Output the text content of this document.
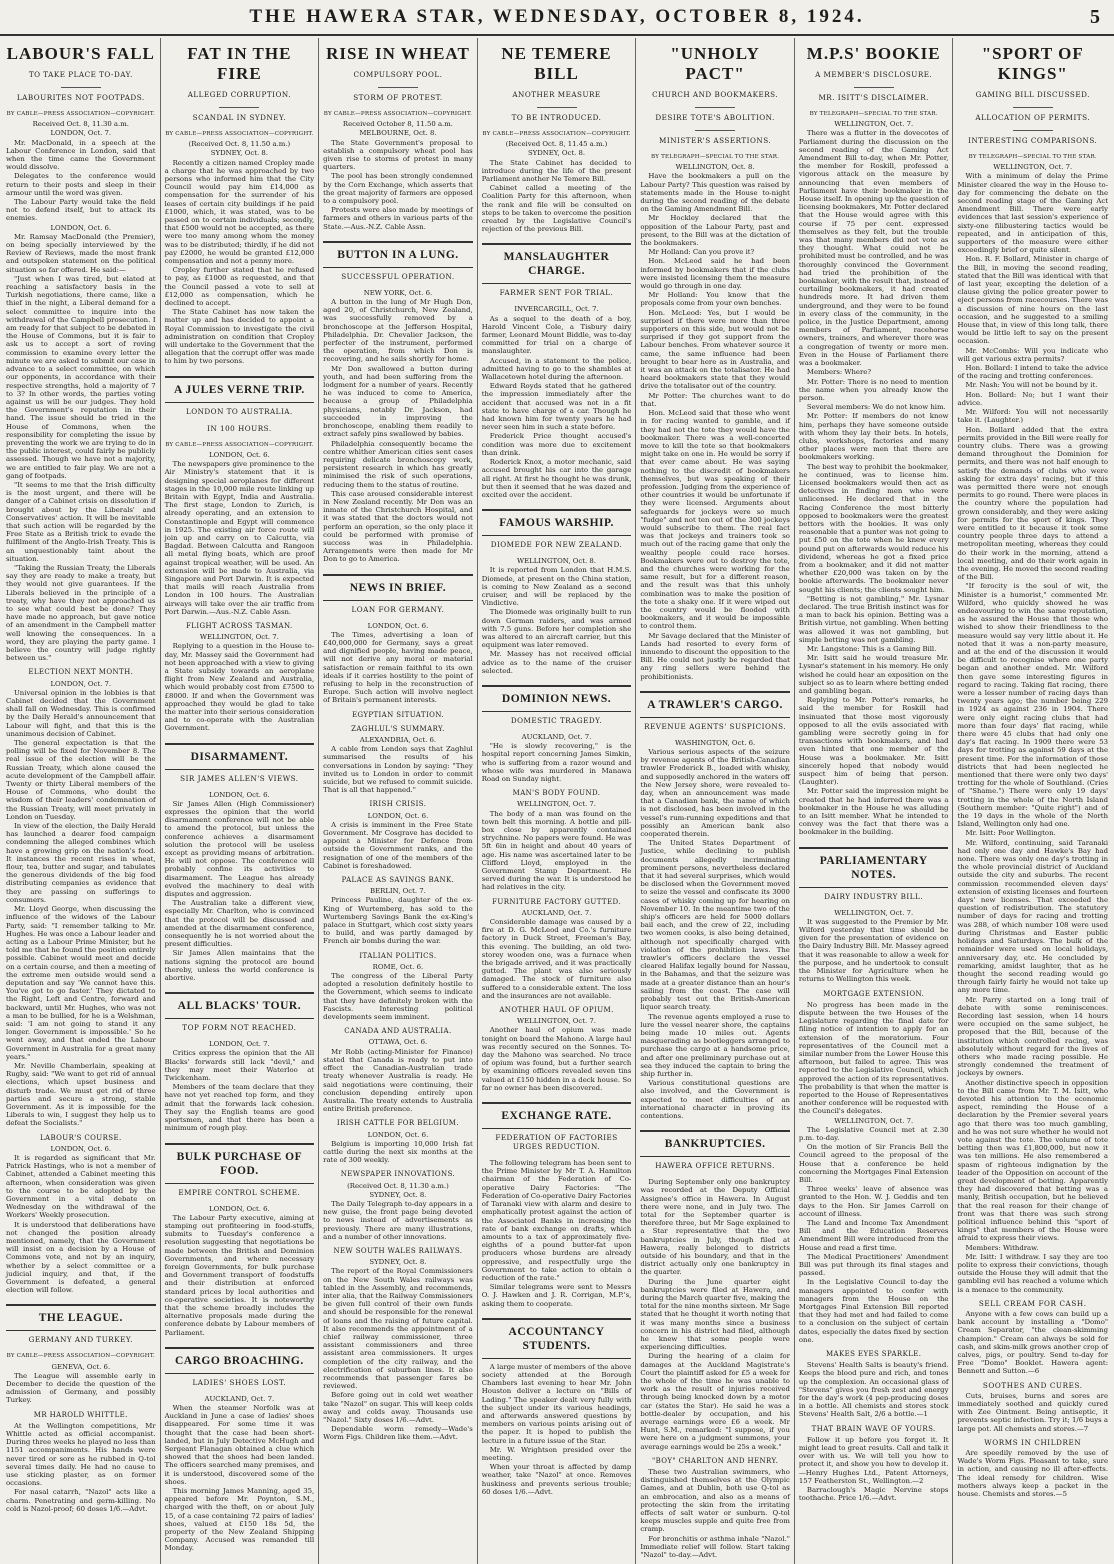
THE HAWERA STAR, WEDNESDAY, OCTOBER 8, 1924.	5
LABOUR'S FALL
TO TAKE PLACE TO-DAY.
LABOURITES NOT FOOTPADS.
BY CABLE—PRESS ASSOCIATION—COPYRIGHT.
Received Oct. 8, 11.30 a.m.
LONDON, Oct. 7.

Mr. MacDonald, in a speech at the Labour Conference in London, said that when the time came the Government would dissolve.

Delegates to the conference would return to their posts and sleep in their armour until the word was given.

The Labour Party would take the field not to defend itself, but to attack its enemies.

LONDON, Oct. 6.

Mr. Ramsay MacDonald (the Premier), on being specially interviewed by the Review of Reviews, made the most frank and outspoken statement on the political situation so far offered. He said:—

"Just when I was tired, but elated at reaching a satisfactory basis in the Turkish negotiations, there came, like a thief in the night, a Liberal demand for a select committee to inquire into the withdrawal of the Campbell prosecution. I am ready for that subject to be debated in the House of Commons, but it is fair to ask us to accept a sort of roving commission to examine every letter the minute we are asked to submit our case in advance to a select committee, on which our opponents, in accordance with their respective strengths, hold a majority of 7 to 3? In other words, the parties voting against us will be our judges. They hold the Government's reputation in their hand. The issue should be tried in the House of Commons, when the responsibility for completing the issue by preventing the work we are trying to do in the public interest, could fairly be publicly assessed. Though we have not a majority, we are entitled to fair play. We are not a gang of footpads.

"It seems to me that the Irish difficulty is the most urgent, and there will be danger of a Cabinet crisis on dissolution if brought about by the Liberals' and Conservatives' action. It will be inevitable that such action will be regarded by the Free State as a British trick to evade the fulfilment of the Anglo-Irish Treaty. This is an unquestionably taint about the situation.

"Taking the Russian Treaty, the Liberals say they are ready to make a treaty, but they would not give guarantees. If the Liberals believed in the principle of a treaty, why have they not approached us to see what could best be done? They have made no approach, but gave notice of an amendment in the Campbell matter well knowing the consequences. In a word, they are playing the party game. I believe the country will judge rightly between us."

ELECTION NEXT MONTH.
LONDON, Oct. 7.

Universal opinion in the lobbies is that Cabinet decided that the Government shall fall on Wednesday. This is confirmed by the Daily Herald's announcement that Labour will fight, and that this is the unanimous decision of Cabinet.

The general expectation is that the polling will be fixed for November 8. The real issue of the election will be the Russian Treaty, which alone caused the acute development of the Campbell affair. Twenty or thirty Liberal members of the House of Commons, who doubt the wisdom of their leaders' condemnation of the Russian Treaty, will meet privately in London on Tuesday.

In view of the election, the Daily Herald has launched a dearer food campaign condemning the alleged combines which have a growing grip on the nation's food. It instances the recent rises in wheat, flour, tea, butter and sugar, and tabulates the generous dividends of the big food distributing companies as evidence that they are passing on sufferings to consumers.

Mr. Lloyd George, when discussing the influence of the widows of the Labour Party, said: "I remember talking to Mr. Hughes. He was once a Labour leader and acting as a Labour Prime Minister, but he told me that he found the position entirely possible. Cabinet would meet and decide on a certain course, and then a meeting of the extreme men outside would send a deputation and say 'We cannot have this. You've got to go faster.' They dictated to the Right, Left and Centre, forward and backward, until Mr. Hughes, who was not a man to be bullied, for he is a Welshman, said: 'I am not going to stand it any longer. Government is impossible.' So he went away, and that ended the Labour Government in Australia for a great many years."

Mr. Neville Chamberlain, speaking at Rugby, said: "We want to get rid of annual elections, which upset business and disturb trade. We must get rid of three parties and secure a strong, stable Government. As it is impossible for the Liberals to win, I suggest they help us to defeat the Socialists."

LABOUR'S COURSE.
LONDON, Oct. 6.

It is regarded as significant that Mr. Patrick Hastings, who is not a member of Cabinet, attended a Cabinet meeting this afternoon, when consideration was given to the course to be adopted by the Government in a vital debate on Wednesday on the withdrawal of the Workers' Weekly prosecution.

It is understood that deliberations have not changed the position already mentioned, namely, that the Government will insist on a decision by a House of Commons vote, and not by an inquiry, whether by a select committee or a judicial inquiry, and that, if the Government is defeated, a general election will follow.

THE LEAGUE.
GERMANY AND TURKEY.
BY CABLE—PRESS ASSOCIATION—COPYRIGHT.
GENEVA, Oct. 6.

The League will assemble early in December to decide the question of the admission of Germany, and possibly Turkey.

MR HAROLD WHITTLE.

At the Wellington competitions, Mr Whittle acted as official accompanist. During three weeks he played no less than 1151 accompaniments. His hands were never tired or sore as he rubbed in Q-tol several times daily. He had no cause to use sticking plaster, as on former occasions.

For nasal catarrh, "Nazol" acts like a charm. Penetrating and germ-killing. No cold is Nazol-proof; 60 doses 1/6.—Advt.

FAT IN THE FIRE
ALLEGED CORRUPTION.
SCANDAL IN SYDNEY.
BY CABLE—PRESS ASSOCIATION—COPYRIGHT.
(Received Oct. 8, 11.50 a.m.)
SYDNEY, Oct. 8.

Recently a citizen named Cropley made a charge that he was approached by two persons who informed him that the City Council would pay him £14,000 as compensation for the surrender of his leases of certain city buildings if he paid £1000, which, it was stated, was to be passed on to certain individuals; secondly, that £500 would not be accepted, as there were too many among whom the money was to be distributed; thirdly, if he did not pay £2000, he would be granted £12,000 compensation and not a penny more.

Cropley further stated that he refused to pay, as £1000 as requested, and that the Council passed a vote to sell at £12,000 as compensation, which he declined to accept.

The State Cabinet has now taken the matter up and has decided to appoint a Royal Commission to investigate the civil administration on condition that Cropley will undertake to the Government that the allegation that the corrupt offer was made to him by two persons.

A JULES VERNE TRIP.
LONDON TO AUSTRALIA.
IN 100 HOURS.
BY CABLE—PRESS ASSOCIATION—COPYRIGHT.
LONDON, Oct. 6.

The newspapers give prominence to the Air Ministry's statement that it is designing special aeroplanes for different stages in the 10,000 mile route linking up Britain with Egypt, India and Australia. The first stage, London to Zurich, is already operating, and an extension to Constantinople and Egypt will commence in 1925. The existing air force route will join up and carry on to Calcutta, via Bagdad. Between Calcutta and Rangoon all metal flying boats, which are proof against tropical weather, will be used. An extension will be made to Australia, via Singapore and Port Darwin. It is expected that mails will reach Australia from London in 100 hours. The Australian airways will take over the air traffic from Port Darwin.—Aus.-N.Z. Cable Assn.

FLIGHT ACROSS TASMAN.
WELLINGTON, Oct. 7.

Replying to a question in the House to-day, Mr. Massey said the Government had not been approached with a view to giving a State subsidy towards an aeroplane flight from New Zealand and Australia, which would probably cost from £7500 to £8000. If and when the Government was approached they would be glad to take the matter into their serious consideration and to co-operate with the Australian Government.

DISARMAMENT.
SIR JAMES ALLEN'S VIEWS.
LONDON, Oct. 6.

Sir James Allen (High Commissioner) expresses the opinion that the world disarmament conference will not be able to amend the protocol, but unless the conference achieves a disarmament solution the protocol will be useless except as providing means of arbitration. He will not oppose. The conference will probably confine its activities to disarmament. The League has already evolved the machinery to deal with disputes and aggression.

The Australian take a different view, especially Mr. Charlton, who is convinced that the protocol will be discussed and amended at the disarmament conference, consequently he is not worried about the present difficulties.

Sir James Allen maintains that the nations signing the protocol are bound thereby, unless the world conference is abortive.

ALL BLACKS' TOUR.
TOP FORM NOT REACHED.
LONDON, Oct. 7.

Critics express the opinion that the All Blacks' forwards still lack "devil," and they may meet their Waterloo at Twickenham.

Members of the team declare that they have not yet reached top form, and they admit that the forwards lack cohesion. They say the English teams are good sportsmen, and that there has been a minimum of rough play.

BULK PURCHASE OF FOOD.
EMPIRE CONTROL SCHEME.
LONDON, Oct. 6.

The Labour Party executive, aiming at stamping out profiteering in food-stuffs, submits to Tuesday's conference a resolution suggesting that negotiations be made between the British and Dominion Governments, and where necessary foreign Governments, for bulk purchase and Government transport of foodstuffs and their distribution at enforced standard prices by local authorities and co-operative societies. It is noteworthy that the scheme broadly includes the alternative proposals made during the conference debate by Labour members of Parliament.

CARGO BROACHING.
LADIES' SHOES LOST.
AUCKLAND, Oct. 7.

When the steamer Norfolk was at Auckland in June a case of ladies' shoes disappeared. For some time it was thought that the case had been short-landed, but in July Detective McHugh and Sergeant Flanagan obtained a clue which showed that the shoes had been landed. The officers searched many premises, and it is understood, discovered some of the shoes.

This morning James Manning, aged 35, appeared before Mr. Poynton, S.M., charged with the theft, on or about July 15, of a case containing 72 pairs of ladies' shoes, valued at £150 18s 5d, the property of the New Zealand Shipping Company. Accused was remanded till Monday.

RISE IN WHEAT
COMPULSORY POOL.
STORM OF PROTEST.
BY CABLE—PRESS ASSOCIATION—COPYRIGHT.
Received October 8, 11.50 a.m.
MELBOURNE, Oct. 8.

The State Government's proposal to establish a compulsory wheat pool has given rise to storms of protest in many quarters.

The pool has been strongly condemned by the Corn Exchange, which asserts that the great majority of farmers are opposed to a compulsory pool.

Protests were also made by meetings of farmers and others in various parts of the State.—Aus.-N.Z. Cable Assn.

BUTTON IN A LUNG.
SUCCESSFUL OPERATION.
NEW YORK, Oct. 6.

A button in the lung of Mr Hugh Don, aged 20, of Christchurch, New Zealand, was successfully removed by a bronchoscope at the Jefferson Hospital, Philadelphia. Dr. Chevalier Jackson, the perfecter of the instrument, performed the operation, from which Don is recovering, and he sails shortly for home.

Mr Don swallowed a button during youth, and had been suffering from the lodgment for a number of years. Recently he was induced to come to America, because a group of Philadelphia physicians, notably Dr. Jackson, had succeeded in improving the bronchoscope, enabling them readily to extract safely pins swallowed by babies.

Philadelphia consequently became the centre whither American cities sent cases requiring delicate bronchoscopy work, persistent research in which has greatly minimised the risk of such operations, reducing them to the status of routine.

This case aroused considerable interest in New Zealand recently. Mr Don was an inmate of the Christchurch Hospital, and it was stated that the doctors would not perform an operation, so the only place it could be performed with promise of success was in Philadelphia. Arrangements were then made for Mr Don to go to America.

NEWS IN BRIEF.
LOAN FOR GERMANY.
LONDON, Oct. 6.

The Times, advertising a loan of £40,000,000 for Germany, says a great and dignified people, having made peace, will not derive any moral or material satisfaction or remain faithful to its own ideals if it carries hostility to the point of refusing to help in the reconstruction of Europe. Such action will involve neglect of Britain's permanent interests.

EGYPTIAN SITUATION.
ZAGHLUL'S SUMMARY.
ALEXANDRIA, Oct. 6.

A cable from London says that Zaghlul summarised the results of his conversations in London by saying: "They invited us to London in order to commit suicide, but we refused to commit suicide. That is all that happened."

IRISH CRISIS.
LONDON, Oct. 6.

A crisis is imminent in the Free State Government. Mr Cosgrave has decided to appoint a Minister for Defence from outside the Government ranks, and the resignation of one of the members of the Cabinet is foreshadowed.

PALACE AS SAVINGS BANK.
BERLIN, Oct. 7.

Princess Pauline, daughter of the ex-King of Wurtemberg, has sold to the Wurtemberg Savings Bank the ex-King's palace in Stuttgart, which cost sixty years to build, and was partly damaged by French air bombs during the war.

ITALIAN POLITICS.
ROME, Oct. 6.

The congress of the Liberal Party adopted a resolution definitely hostile to the Government, which seems to indicate that they have definitely broken with the Fascists. Interesting political developments seem imminent.

CANADA AND AUSTRALIA.
OTTAWA, Oct. 6.

Mr Robb (acting-Minister for Finance) stated that Canada is ready to put into effect the Canadian-Australian trade treaty whenever Australia is ready. He said negotiations were continuing, their conclusion depending entirely upon Australia. The treaty extends to Australia entire British preference.

IRISH CATTLE FOR BELGIUM.
LONDON, Oct. 6.

Belgium is importing 10,000 Irish fat cattle during the next six months at the rate of 300 weekly.

NEWSPAPER INNOVATIONS.
(Received Oct. 8, 11.30 a.m.)
SYDNEY, Oct. 8.

The Daily Telegraph to-day appears in a new guise, the front page being devoted to news instead of advertisements as previously. There are many illustrations, and a number of other innovations.

NEW SOUTH WALES RAILWAYS.
SYDNEY, Oct. 8.

The report of the Royal Commissioners on the New South Wales railways was tabled in the Assembly, and recommends, inter alia, that the Railway Commissioners be given full control of their own funds and should be responsible for the renewal of loans and the raising of future capital. It also recommends the appointment of a chief railway commissioner, three assistant commissioners and three assistant area commissioners. It urges completion of the city railway, and the electrification of suburban lines. It also recommends that passenger fares be reviewed.

Before going out in cold wet weather take "Nazol" on sugar. This will keep colds away and colds away. Thousands use "Nazol." Sixty doses 1/6.—Advt.

Dependable worm remedy—Wade's Worm Figs. Children like them.—Advt.

NE TEMERE BILL
ANOTHER MEASURE
TO BE INTRODUCED.
BY CABLE—PRESS ASSOCIATION—COPYRIGHT.
(Received Oct. 8, 11.45 a.m.)
SYDNEY, Oct. 8.

The State Cabinet has decided to introduce during the life of the present Parliament another Ne Temere Bill.

Cabinet called a meeting of the Coalition Party for this afternoon, when the rank and file will be consulted on steps to be taken to overcome the position created by the Legislative Council's rejection of the previous Bill.

MANSLAUGHTER CHARGE.
FARMER SENT FOR TRIAL.
INVERCARGILL, Oct. 7.

As a sequel to the death of a boy, Harold Vincent Cole, a Tisbury dairy farmer, Leonard Mount Biddle, was to-day committed for trial on a charge of manslaughter.

Accused, in a statement to the police, admitted having to go to the shambles at Wallacetown hotel during the afternoon.

Edward Royds stated that he gathered the impression immediately after the accident that accused was not in a fit state to have charge of a car. Though he had known him for twenty years he had never seen him in such a state before.

Frederick Price thought accused's condition was more due to excitement than drink.

Roderick Knox, a motor mechanic, said accused brought his car into the garage all right. At first he thought he was drunk, but then it seemed that he was dazed and excited over the accident.

FAMOUS WARSHIP.
DIOMEDE FOR NEW ZEALAND.
WELLINGTON, Oct. 8.

It is reported from London that H.M.S. Diomede, at present on the China station, is coming to New Zealand as a second cruiser, and will be replaced by the Vindictive.

The Diomede was originally built to run down German raiders, and was armed with 7.5 guns. Before her completion she was altered to an aircraft carrier, but this equipment was later removed.

Mr. Massey has not received official advice as to the name of the cruiser selected.

DOMINION NEWS.
DOMESTIC TRAGEDY.
AUCKLAND, Oct. 7.

"He is slowly recovering," is the hospital report concerning James Simkin, who is suffering from a razor wound and whose wife was murdered in Manawa Road on Sunday night.

MAN'S BODY FOUND.
WELLINGTON, Oct. 7.

The body of a man was found on the town belt this morning. A bottle and pill-box close by apparently contained strychnine. No papers were found. He was 5ft 6in in height and about 40 years of age. His name was ascertained later to be Clifford Lloyd, employed in the Government Stamp Department. He served during the war. It is understood he had relatives in the city.

FURNITURE FACTORY GUTTED.
AUCKLAND, Oct. 7.

Considerable damage was caused by a fire at D. G. McLeod and Co.'s furniture factory in Duck Street, Freeman's Bay, this evening. The building, an old two-storey wooden one, was a furnace when the brigade arrived, and it was practically gutted. The plant was also seriously damaged. The stock of furniture also suffered to a considerable extent. The loss and the insurances are not available.

ANOTHER HAUL OF OPIUM.
WELLINGTON, Oct. 7.

Another haul of opium was made tonight on board the Mahono. A large haul was recently secured on the Sonnes. To-day the Mahono was searched. No trace of opium was found, but a further search by examining officers revealed seven tins valued at £150 hidden in a deck house. So far no owner has been discovered.

EXCHANGE RATE.
FEDERATION OF FACTORIES URGES REDUCTION.

The following telegram has been sent to the Prime Minister by Mr T. A. Hamilton chairman of the Federation of Co-operative Dairy Factories: "The Federation of Co-operative Dairy Factories of Taranaki view with alarm and desire to emphatically protest against the action of the Associated Banks in increasing the rate of bank exchange on drafts, which amounts to a tax of approximately five-eighths of a pound butter-fat upon producers whose burdens are already oppressive, and respectfully urge the Government to take action to obtain a reduction of the rate."

Similar telegrams were sent to Messrs O. J. Hawken and J. R. Corrigan, M.P.'s, asking them to cooperate.

ACCOUNTANCY STUDENTS.

A large muster of members of the above society attended at the Borough Chambers last evening to hear Mr. John Houston deliver a lecture on "Bills of Lading." The speaker dealt very fully with the subject under its various headings, and afterwards answered questions by members on various points arising out of the paper. It is hoped to publish the lecture in a future issue of the Star.

Mr. W. Wrightson presided over the meeting.

When your throat is affected by damp weather, take "Nazol" at once. Removes huskiness and prevents serious trouble; 60 doses 1/6.—Advt.

"UNHOLY PACT"
CHURCH AND BOOKMAKERS.
DESIRE TOTE'S ABOLITION.
MINISTER'S ASSERTIONS.
BY TELEGRAPH—SPECIAL TO THE STAR.
WELLINGTON, Oct. 8.

Have the bookmakers a pull on the Labour Party? This question was raised by statements made in the House to-night during the second reading of the debate on the Gaming Amendment Bill.

Mr Hockley declared that the opposition of the Labour Party, past and present, to the Bill was at the dictation of the bookmakers.

Mr Holland: Can you prove it?

Hon. McLeod said he had been informed by bookmakers that if the clubs were insisted licensing them the measure would go through in one day.

Mr Holland: You know that the proposals come from your own benches.

Hon. McLeod: Yes, but I would be surprised if there were more than three supporters on this side, but would not be surprised if they got support from the Labour benches. From whatever source it came, the same influence had been brought to bear here as in Australia, and it was an attack on the totalisator. He had heard bookmakers state that they would drive the totalisator out of the country.

Mr Potter: The churches want to do that.

Hon. McLeod said that those who went in for racing wanted to gamble, and if they had not the tote they would have the bookmaker. There was a well-concerted move to kill the tote so that bookmakers might take on one in. He would be sorry if that ever came about. He was saying nothing to the discredit of bookmakers themselves, but was speaking of their profession. Judging from the experience of other countries it would be unfortunate if they were licensed. Arguments about safeguards for jockeys were so much "fudge" and not ten out of the 300 jockeys would subscribe to them. The real fact was that jockeys and trainers took so much out of the racing game that only the wealthy people could race horses. Bookmakers were out to destroy the tote, and the churches were working for the same result, but for a different reason, and the result was that this unholy combination was to make the position of the tote a shaky one. If it were wiped out the country would be flooded with bookmakers, and it would be impossible to control them.

Mr Savage declared that the Minister of Lands had resorted to every form of innuendo to discount the opposition to the Bill. He could not justly be regarded that any ring sellers were behind the prohibitionists.

A TRAWLER'S CARGO.
REVENUE AGENTS' SUSPICIONS.
WASHINGTON, Oct. 6.

Various serious aspects of the seizure by revenue agents of the British-Canadian trawler Frederick B., loaded with whisky, and supposedly anchored in the waters off the New Jersey shore, were revealed to-day, when an announcement was made that a Canadian bank, the name of which is not disclosed, has been involved in the vessel's rum-running expeditions and that possibly an American bank also cooperated therein.

The United States Department of Justice, while declining to publish documents allegedly incriminating prominent persons, nevertheless declared that it had several surprises, which would be disclosed when the Government moved to seize the vessel and confiscate its 3000 cases of whisky coming up for hearing on November 10. In the meantime two of the ship's officers are held for 5000 dollars bail each, and the crew of 22, including two women cooks, is also being detained, although not specifically charged with violation of the prohibition laws. The trawler's officers declare the vessel cleared Halifax legally bound for Nassau, in the Bahamas, and that the seizure was made at a greater distance than an hour's sailing from the coast. The case will probably test out the British-American liquor search treaty.

The revenue agents employed a ruse to lure the vessel nearer shore, the captains being made 10 miles out. Agents masquerading as bootleggers arranged to purchase the cargo at a handsome price, and after one preliminary purchase out at sea they induced the captain to bring the ship further in.

Various constitutional questions are also involved, and the Government is expected to meet difficulties of an international character in proving its contentions.

BANKRUPTCIES.
HAWERA OFFICE RETURNS.

During September only one bankruptcy was recorded at the Deputy Official Assignee's office in Hawera. In August there were none, and in July two. The total for the September quarter is therefore three, but Mr Sage explained to a Star representative that the two bankruptcies in July, though filed at Hawera, really belonged to districts outside of his boundary, and that in the district actually only one bankruptcy in the quarter.

During the June quarter eight bankruptcies were filed at Hawera, and during the March quarter five, making the total for the nine months sixteen. Mr Sage stated that he thought it worth noting that it was many months since a business concern in his district had filed, although he knew that some people were experiencing difficulties.

During the hearing of a claim for damages at the Auckland Magistrate's Court the plaintiff asked for £5 a week for the whole of the time he was unable to work as the result of injuries received through being knocked down by a motor car (states the Star). He said he was a bottle-dealer by occupation, and his average earnings were £6 a week. Mr Hunt, S.M., remarked: "I suppose, if you were here on a judgment summons, your average earnings would be 25s a week."

"BOY" CHARLTON AND HENRY.

These two Australian swimmers, who distinguished themselves at the Olympic Games, and at Dublin, both use Q-tol as an embrocation, and also as a means of protecting the skin from the irritating effects of salt water or sunburn. Q-tol keeps muscles supple and quite free from cramp.

For bronchitis or asthma inhale "Nazol." Immediate relief will follow. Start taking "Nazol" to-day.—Advt.

M.P.S' BOOKIE
A MEMBER'S DISCLOSURE.
MR. ISITT'S DISCLAIMER.
BY TELEGRAPH—SPECIAL TO THE STAR.
WELLINGTON, Oct. 7.

There was a flutter in the dovecotes of Parliament during the discussion on the second reading of the Gaming Act Amendment Bill to-day, when Mr. Potter, the member for Roskill, professed a vigorous attack on the measure by announcing that even members of Parliament have their bookmaker in the House itself. In opening up the question of licensing bookmakers, Mr. Potter declared that the House would agree with this course if 75 per cent. expressed themselves as they felt, but the trouble was that many members did not vote as they thought. What could not be prohibited must be controlled, and he was thoroughly convinced the Government had tried the prohibition of the bookmaker, with the result that, instead of curtailing bookmakers, it had created hundreds more. It had driven them underground, and they were to be found in every class of the community, in the police, in the Justice Department, among members of Parliament, racehorse owners, trainers, and wherever there was a congregation of twenty or more men. Even in the House of Parliament there was a bookmaker.

Members: Where?

Mr. Potter: There is no need to mention the name when you already know the person.

Several members: We do not know him.

Mr. Potter: If members do not know him, perhaps they have someone outside with whom they lay their bets. In hotels, clubs, workshops, factories and many other places were men that there are bookmakers working.

The best way to prohibit the bookmaker, he continued, was to license him. Licensed bookmakers would then act as detectives in finding men who were unlicensed. He declared that in the Racing Conference the most bitterly opposed to bookmakers were the greatest bettors with the bookies. It was only reasonable that a punter was not going to put £50 on the tote when he knew every pound put on afterwards would reduce his dividend, whereas he got a fixed price from a bookmaker, and it did not matter whether £20,000 was taken on by the bookie afterwards. The bookmaker never sought his clients; the clients sought him.

"Betting is not gambling," Mr. Lysnar declared. The true British instinct was for a man to back his opinion. Betting was a British virtue, not gambling. When betting was allowed it was not gambling, but simple betting was not gambling.

Mr. Langstone: This is a Gaming Bill.

Mr. Isitt said he would treasure Mr. Lysnar's statement in his memory. He only wished he could hear an exposition on the subject so as to learn where betting ended and gambling began.

Replying to Mr. Potter's remarks, he said the member for Roskill had insinuated that those most vigorously opposed to all the evils associated with gambling were secretly going in for transactions with bookmakers, and had even hinted that one member of the House was a bookmaker. Mr. Isitt sincerely hoped that nobody would suspect him of being that person. (Laughter).

Mr. Potter said the impression might be created that he had inferred there was a bookmaker in the House he was alluding to an Isitt member. What he intended to convey was the fact that there was a bookmaker in the building.

PARLIAMENTARY NOTES.
DAIRY INDUSTRY BILL.
WELLINGTON, Oct. 7.

It was suggested to the Premier by Mr. Wilford yesterday that time should be given for the presentation of evidence on the Dairy Industry Bill. Mr. Massey agreed that it was reasonable to allow a week for the purpose, and he undertook to consult the Minister for Agriculture when he returns to Wellington this week.

MORTGAGE EXTENSION.

No progress has been made in the dispute between the two Houses of the Legislature regarding the final date for filing notice of intention to apply for an extension of the moratorium. Four representatives of the Council met a similar number from the Lower House this afternoon, but failed to agree. This was reported to the Legislative Council, which approved the action of its representatives. The probability is that when the matter is reported to the House of Representatives another conference will be requested with the Council's delegates.

WELLINGTON, Oct. 7.

The Legislative Council met at 2.30 p.m. to-day.

On the motion of Sir Francis Bell the Council agreed to the proposal of the House that a conference be held concerning the Mortgages Final Extension Bill.

Three weeks' leave of absence was granted to the Hon. W. J. Geddis and ten days to the Hon. Sir James Carroll on account of illness.

The Land and Income Tax Amendment Bill and the Education Reserves Amendment Bill were introduced from the House and read a first time.

The Medical Practitioners' Amendment Bill was put through its final stages and passed.

In the Legislative Council to-day the managers appointed to confer with managers from the House on the Mortgages Final Extension Bill reported that they had met and had failed to come to a conclusion on the subject of certain dates, especially the dates fixed by section one.

MAKES EYES SPARKLE.

Stevens' Health Salts is beauty's friend. Keeps the blood pure and rich, and tones up the complexion. An occasional glass of "Stevens" gives you fresh zest and energy for the day's work (4 pep-producing doses in a bottle. All chemists and stores stock Stevens' Health Salt, 2/6 a bottle.—1

THAT BRAIN WAVE OF YOURS.

Follow it up before you forget it. It might lead to great results. Call and talk it over with us. We will tell you how to protect it, and show you how to develop it.—Henry Hughes Ltd., Patent Attorneys, 157 Featherston St., Wellington.—2

Barraclough's Magic Nervine stops toothache. Price 1/6.—Advt.

"SPORT OF KINGS"
GAMING BILL DISCUSSED.
ALLOCATION OF PERMITS.
INTERESTING COMPARISONS.
BY TELEGRAPH—SPECIAL TO THE STAR.
WELLINGTON, Oct. 7.

With a minimum of delay the Prime Minister cleared the way in the House to-day for commencing the debate on the second reading stage of the Gaming Act Amendment Bill. There were early evidences that last session's experience of sixty-one filibustering tactics would be repeated, and in anticipation of this, supporters of the measure were either exceedingly brief or quite silent.

Hon. R. F. Bollard, Minister in charge of the Bill, in moving the second reading, stated that the Bill was identical with that of last year, excepting the deletion of a clause giving the police greater power to eject persons from racecourses. There was a discussion of nine hours on the last occasion, and he suggested to a smiling House that, in view of this long talk, there would be little left to say on the present occasion.

Mr. McCombs: Will you indicate who will get various extra permits?

Hon. Bollard: I intend to take the advice of the racing and trotting conferences.

Mr. Nash: You will not be bound by it.

Hon. Bollard: No; but I want their advice.

Mr. Wilford: You will not necessarily take it. (Laughter.)

Hon. Bollard added that the extra permits provided in the Bill were really for country clubs. There was a growing demand throughout the Dominion for permits, and there was not half enough to satisfy the demands of clubs who were asking for extra days' racing, but if this was permitted there were not enough permits to go round. There were places in the country where the population had grown considerably, and they were asking for permits for the sport of kings. They were entitled to it because it took some country people three days to attend a metropolitan meeting, whereas they could do their work in the morning, attend a local meeting, and do their work again in the evening. He moved the second reading of the Bill.

"If ferocity is the soul of wit, the Minister is a humorist," commented Mr. Wilford, who quickly showed he was endeavouring to win the same reputation, as he assured the House that those who wished to show their friendliness to the measure would say very little about it. He noted that it was a non-party measure, and at the end of the discussion it would be difficult to recognise where one party began and another ended. Mr. Wilford then gave some interesting figures in regard to racing. Taking flat racing, there were a lesser number of racing days than twenty years ago; the number being 229 in 1924 as against 236 in 1904. There were only eight racing clubs that had more than four days' flat racing, while there were 45 clubs that had only one day's flat racing. In 1909 there were 53 days for trotting as against 59 days at the present time. For the information of those districts that had been neglected he mentioned that there were only two days' trotting for the whole of Southland. (Cries of "Shame.") There were only 19 days' trotting in the whole of the North Island (Southern member: "Quite right") and of the 19 days in the whole of the North Island, Wellington only had one.

Mr. Isitt: Poor Wellington.

Mr. Wilford, continuing, said Taranaki had only one day and Hawke's Bay had none. There was only one day's trotting in the whole provincial district of Auckland outside the city and suburbs. The recent commission recommended eleven days' extension of existing licenses and fourteen days' new licenses. That exceeded the question of redistribution. The statutory number of days for racing and trotting was 288, of which number 108 were used during Christmas and Easter public holidays and Saturdays. The bulk of the remainder were used on local holidays, anniversary day, etc. He concluded by remarking, amidst laughter, that as he thought the second reading would go through fairly fairly he would not take up any more time.

Mr. Parry started on a long trail of debate with some reminiscences. Recording last session, when 14 hours were occupied on the same subject, he proposed that the Bill, because of the institution which controlled racing, was absolutely without regard for the lives of others who made racing possible. He strongly condemned the treatment of jockeys by owners.

Another distinctive speech in opposition to the Bill came from Mr. T. M. Isitt, who devoted his attention to the economic aspect, reminding the House of a declaration by the Premier several years ago that there was too much gambling, and he was not sure whether he would not vote against the tote. The volume of tote betting then was £1,800,000, but now it was ten millions. He also remembered a spasm of righteous indignation by the leader of the Opposition on account of the great development of betting. Apparently they had discovered that betting was a manly, British occupation, but he believed that the real reason for their change of front was that there was such strong political influence behind this "sport of kings" that members of the House were afraid to express their views.

Members: Withdraw.

Mr. Isitt: I withdraw. I say they are too polite to express their convictions, though outside the House they will admit that the gambling evil has reached a volume which is a menace to the community.

SELL CREAM FOR CASH.

Anyone with a few cows can build up a bank account by installing a "Domo" Cream Separator, "the clean-skimming champion." Cream can always be sold for cash, and skim-milk grows another crop of calves, pigs, or poultry. Send to-day for Free "Domo" Booklet. Hawera agent: Bennett and Sutton.—6

SOOTHES AND CURES.

Cuts, bruises, burns and sores are immediately soothed and quickly cured with Zee Ointment. Being antiseptic, it prevents septic infection. Try it; 1/6 buys a large pot. All chemists and stores.—7

WORMS IN CHILDREN

Are speedily removed by the use of Wade's Worm Figs. Pleasant to take, sure in action, and causing no ill after-effects. The ideal remedy for children. Wise mothers always keep a packet in the house. Chemists and stores.—5
